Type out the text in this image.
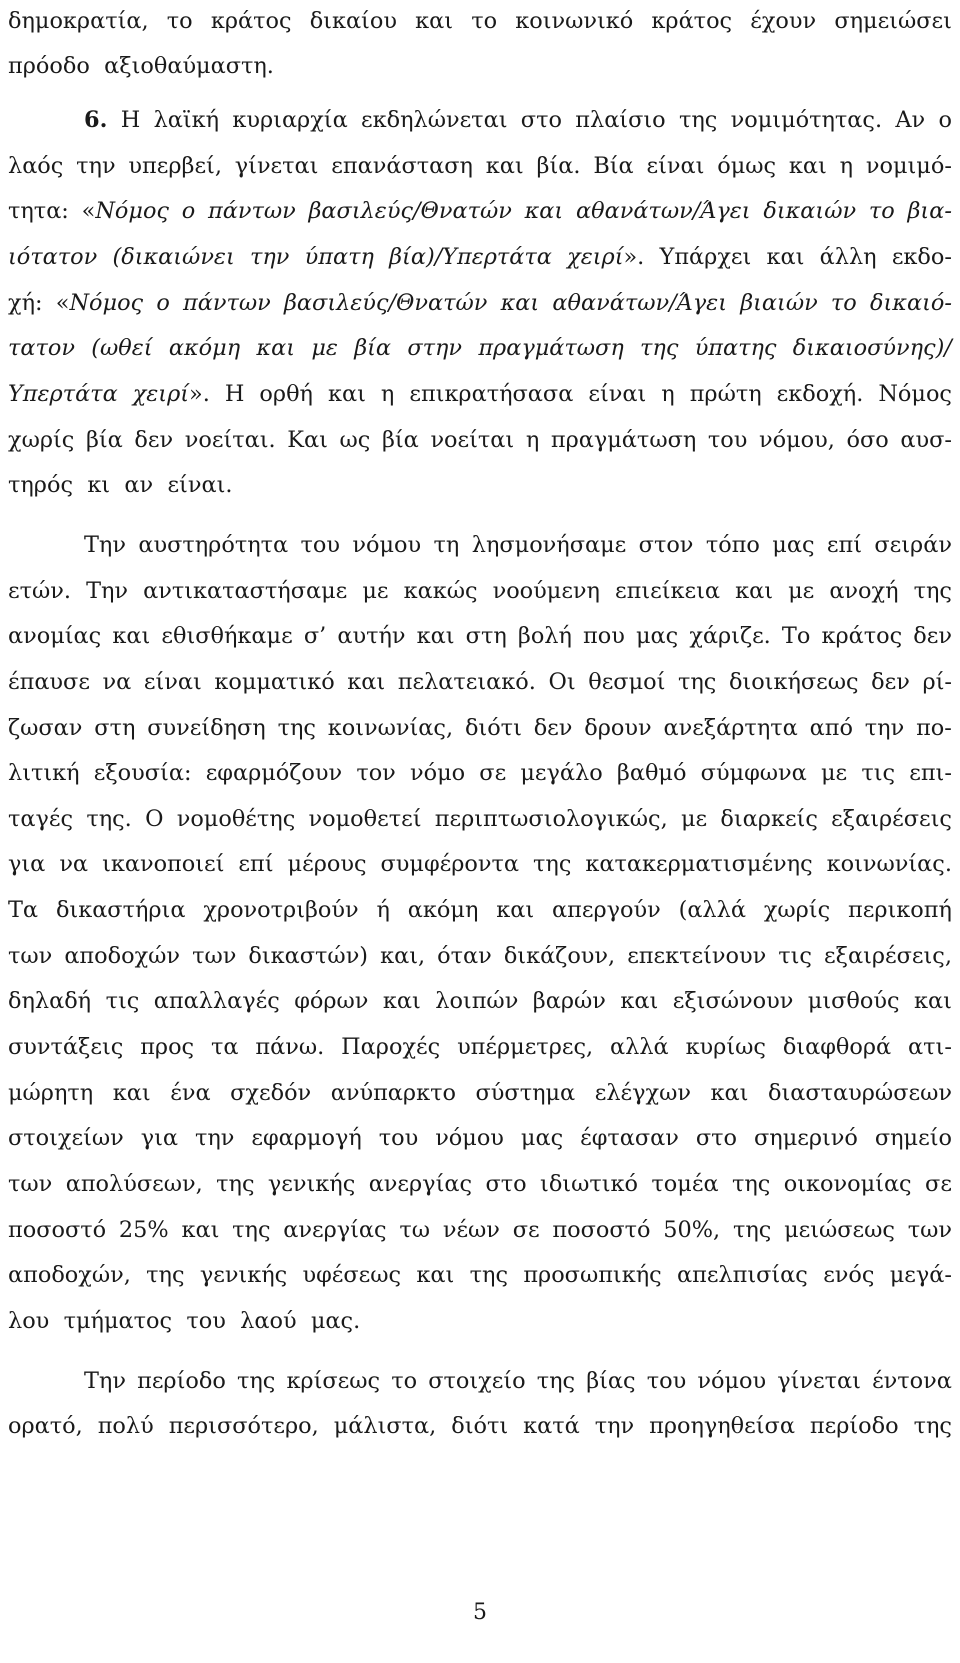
δημοκρατία, το κράτος δικαίου και το κοινωνικό κράτος έχουν σημειώσει
πρόοδο αξιοθαύμαστη.
6. Η λαϊκή κυριαρχία εκδηλώνεται στο πλαίσιο της νομιμότητας. Αν ο
λαός την υπερβεί, γίνεται επανάσταση και βία. Βία είναι όμως και η νομιμό-
τητα: «Νόμος ο πάντων βασιλεύς/Θνατών και αθανάτων/Άγει δικαιών το βια-
ιότατον (δικαιώνει την ύπατη βία)/Υπερτάτα χειρί». Υπάρχει και άλλη εκδο-
χή: «Νόμος ο πάντων βασιλεύς/Θνατών και αθανάτων/Άγει βιαιών το δικαιό-
τατον (ωθεί ακόμη και με βία στην πραγμάτωση της ύπατης δικαιοσύνης)/
Υπερτάτα χειρί». Η ορθή και η επικρατήσασα είναι η πρώτη εκδοχή. Νόμος
χωρίς βία δεν νοείται. Και ως βία νοείται η πραγμάτωση του νόμου, όσο αυσ-
τηρός κι αν είναι.
Την αυστηρότητα του νόμου τη λησμονήσαμε στον τόπο μας επί σειράν
ετών. Την αντικαταστήσαμε με κακώς νοούμενη επιείκεια και με ανοχή της
ανομίας και εθισθήκαμε σ’ αυτήν και στη βολή που μας χάριζε. Το κράτος δεν
έπαυσε να είναι κομματικό και πελατειακό. Οι θεσμοί της διοικήσεως δεν ρί-
ζωσαν στη συνείδηση της κοινωνίας, διότι δεν δρουν ανεξάρτητα από την πο-
λιτική εξουσία: εφαρμόζουν τον νόμο σε μεγάλο βαθμό σύμφωνα με τις επι-
ταγές της. Ο νομοθέτης νομοθετεί περιπτωσιολογικώς, με διαρκείς εξαιρέσεις
για να ικανοποιεί επί μέρους συμφέροντα της κατακερματισμένης κοινωνίας.
Τα δικαστήρια χρονοτριβούν ή ακόμη και απεργούν (αλλά χωρίς περικοπή
των αποδοχών των δικαστών) και, όταν δικάζουν, επεκτείνουν τις εξαιρέσεις,
δηλαδή τις απαλλαγές φόρων και λοιπών βαρών και εξισώνουν μισθούς και
συντάξεις προς τα πάνω. Παροχές υπέρμετρες, αλλά κυρίως διαφθορά ατι-
μώρητη και ένα σχεδόν ανύπαρκτο σύστημα ελέγχων και διασταυρώσεων
στοιχείων για την εφαρμογή του νόμου μας έφτασαν στο σημερινό σημείο
των απολύσεων, της γενικής ανεργίας στο ιδιωτικό τομέα της οικονομίας σε
ποσοστό 25% και της ανεργίας τω νέων σε ποσοστό 50%, της μειώσεως των
αποδοχών, της γενικής υφέσεως και της προσωπικής απελπισίας ενός μεγά-
λου τμήματος του λαού μας.
Την περίοδο της κρίσεως το στοιχείο της βίας του νόμου γίνεται έντονα
ορατό, πολύ περισσότερο, μάλιστα, διότι κατά την προηγηθείσα περίοδο της
5
